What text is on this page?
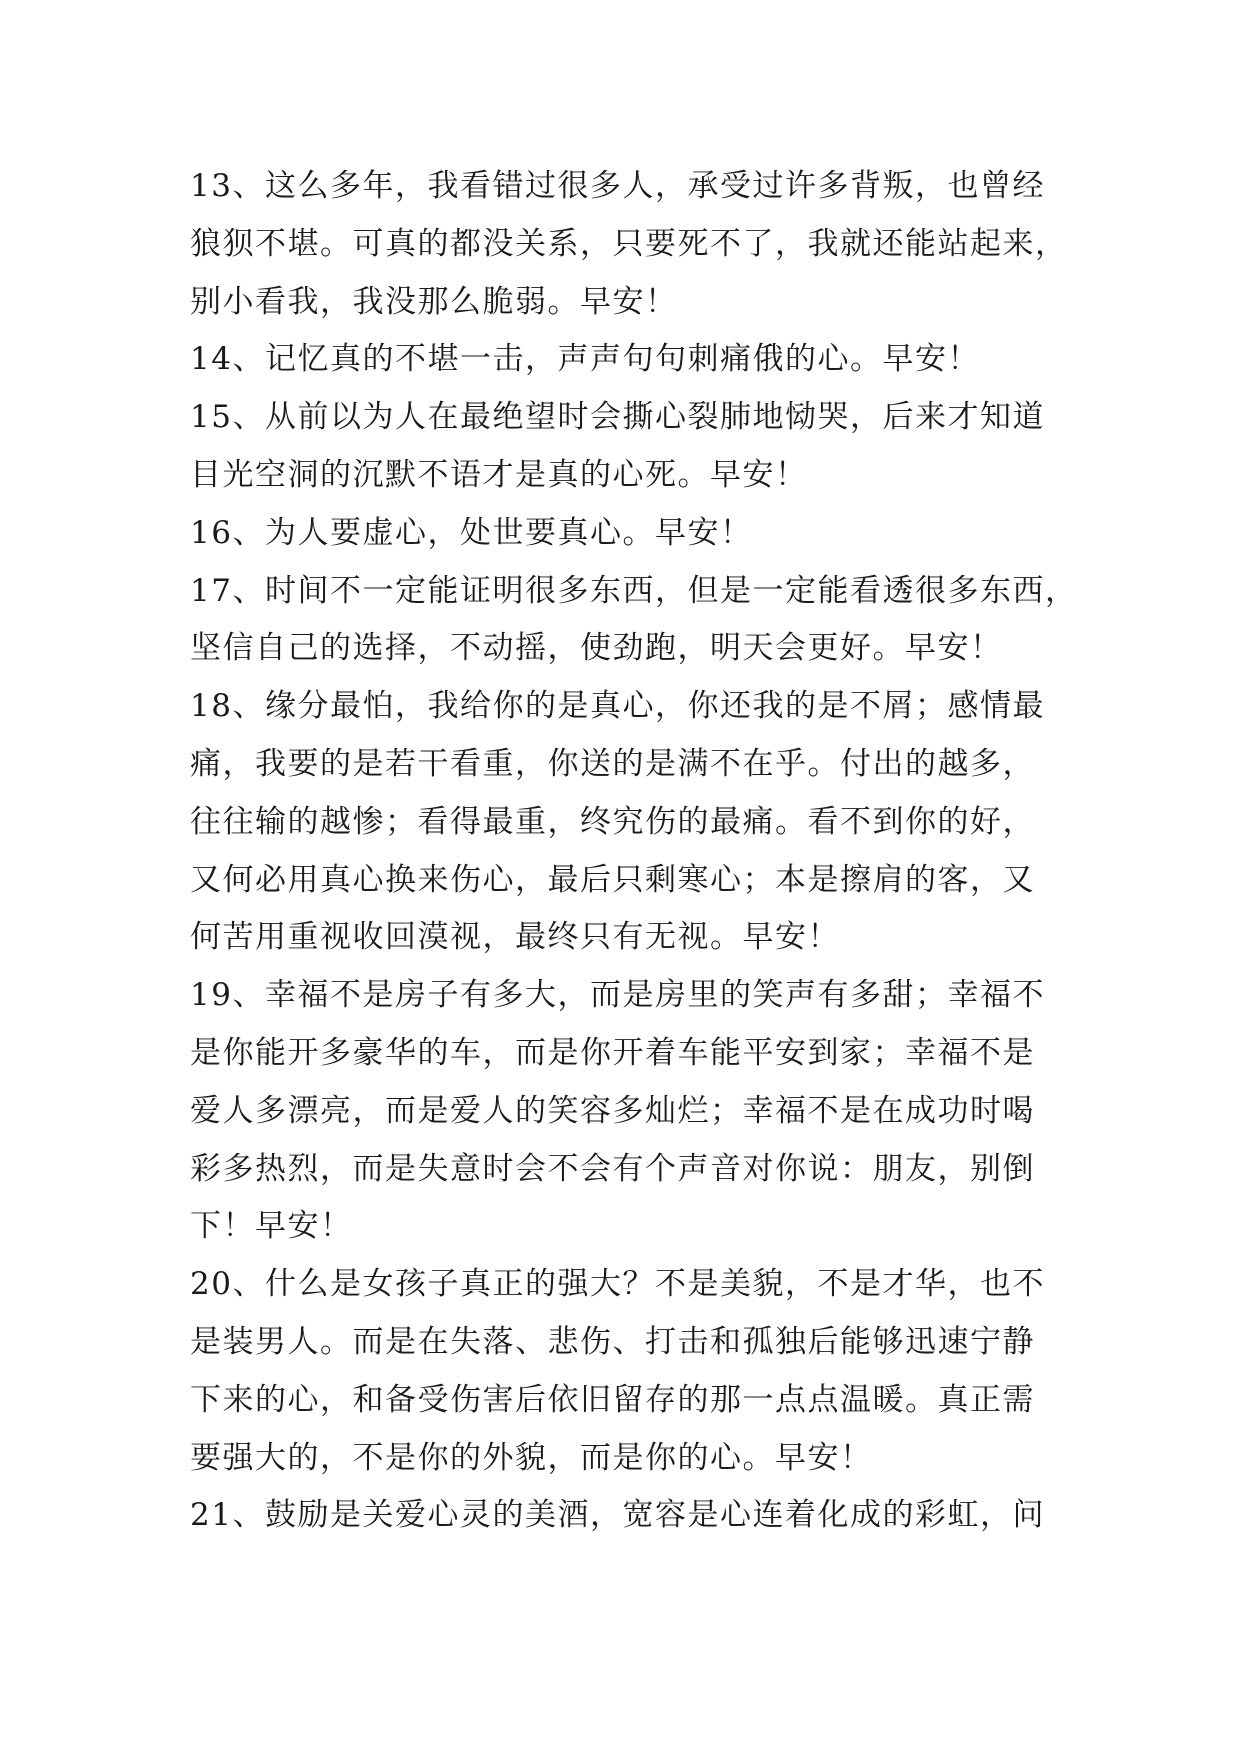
13、这么多年，我看错过很多人，承受过许多背叛，也曾经
狼狈不堪。可真的都没关系，只要死不了，我就还能站起来，
别小看我，我没那么脆弱。早安！
14、记忆真的不堪一击，声声句句刺痛俄的心。早安！
15、从前以为人在最绝望时会撕心裂肺地恸哭，后来才知道
目光空洞的沉默不语才是真的心死。早安！
16、为人要虚心，处世要真心。早安！
17、时间不一定能证明很多东西，但是一定能看透很多东西，
坚信自己的选择，不动摇，使劲跑，明天会更好。早安！
18、缘分最怕，我给你的是真心，你还我的是不屑；感情最
痛，我要的是若干看重，你送的是满不在乎。付出的越多，
往往输的越惨；看得最重，终究伤的最痛。看不到你的好，
又何必用真心换来伤心，最后只剩寒心；本是擦肩的客，又
何苦用重视收回漠视，最终只有无视。早安！
19、幸福不是房子有多大，而是房里的笑声有多甜；幸福不
是你能开多豪华的车，而是你开着车能平安到家；幸福不是
爱人多漂亮，而是爱人的笑容多灿烂；幸福不是在成功时喝
彩多热烈，而是失意时会不会有个声音对你说：朋友，别倒
下！早安！
20、什么是女孩子真正的强大？不是美貌，不是才华，也不
是装男人。而是在失落、悲伤、打击和孤独后能够迅速宁静
下来的心，和备受伤害后依旧留存的那一点点温暖。真正需
要强大的，不是你的外貌，而是你的心。早安！
21、鼓励是关爱心灵的美酒，宽容是心连着化成的彩虹，问
